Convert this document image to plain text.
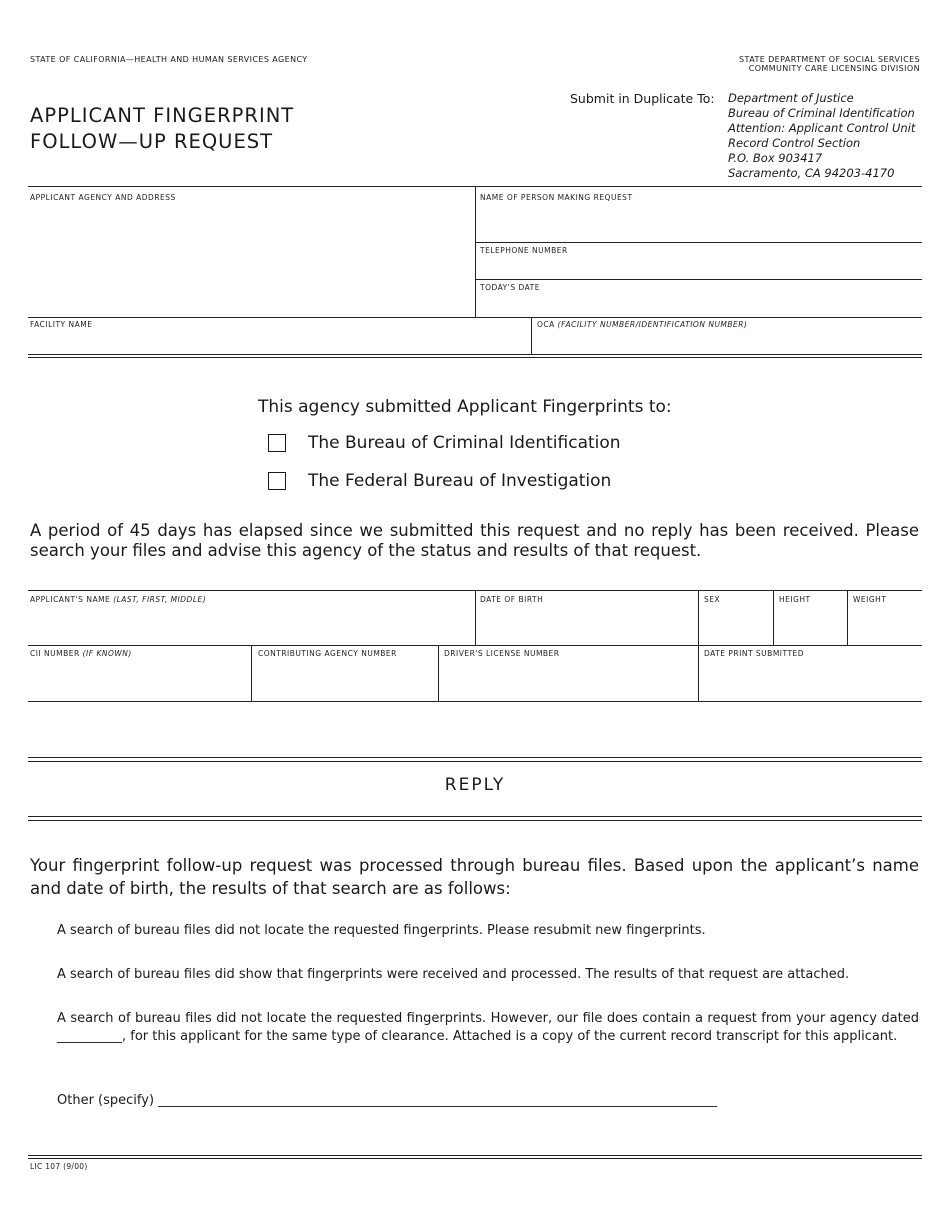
STATE OF CALIFORNIA—HEALTH AND HUMAN SERVICES AGENCY	STATE DEPARTMENT OF SOCIAL SERVICES
COMMUNITY CARE LICENSING DIVISION
APPLICANT FINGERPRINT
FOLLOW—UP REQUEST
Submit in Duplicate To: Department of Justice
Bureau of Criminal Identification
Attention: Applicant Control Unit
Record Control Section
P.O. Box 903417
Sacramento, CA 94203-4170
APPLICANT AGENCY AND ADDRESS	NAME OF PERSON MAKING REQUEST
TELEPHONE NUMBER
TODAY'S DATE
FACILITY NAME	OCA (FACILITY NUMBER/IDENTIFICATION NUMBER)
This agency submitted Applicant Fingerprints to:
The Bureau of Criminal Identification
The Federal Bureau of Investigation
A period of 45 days has elapsed since we submitted this request and no reply has been received. Please search your files and advise this agency of the status and results of that request.
APPLICANT'S NAME (LAST, FIRST, MIDDLE)	DATE OF BIRTH	SEX	HEIGHT	WEIGHT
CII NUMBER (IF KNOWN)	CONTRIBUTING AGENCY NUMBER	DRIVER'S LICENSE NUMBER	DATE PRINT SUBMITTED
REPLY
Your fingerprint follow-up request was processed through bureau files. Based upon the applicant’s name and date of birth, the results of that search are as follows:
A search of bureau files did not locate the requested fingerprints. Please resubmit new fingerprints.
A search of bureau files did show that fingerprints were received and processed. The results of that request are attached.
A search of bureau files did not locate the requested fingerprints. However, our file does contain a request from your agency dated __________, for this applicant for the same type of clearance. Attached is a copy of the current record transcript for this applicant.
Other (specify) ______________________________________________________________________________________
LIC 107 (9/00)
